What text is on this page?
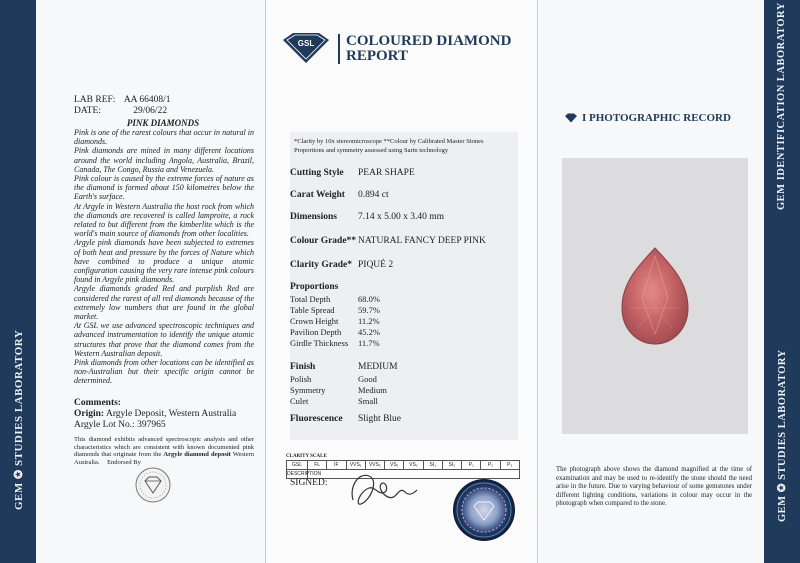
GEM ✪ STUDIES LABORATORY
LAB REF: AA 66408/1
DATE:	29/06/22
PINK DIAMONDS
Pink is one of the rarest colours that occur in natural in diamonds.
Pink diamonds are mined in many different locations around the world including Angola, Australia, Brazil, Canada, The Congo, Russia and Venezuela.
Pink colour is caused by the extreme forces of nature as the diamond is formed about 150 kilometres below the Earth's surface.
At Argyle in Western Australia the host rock from which the diamonds are recovered is called lamproite, a rock related to but different from the kimberlite which is the world's main source of diamonds from other localities.
Argyle pink diamonds have been subjected to extremes of both heat and pressure by the forces of Nature which have combined to produce a unique atomic configuration causing the very rare intense pink colours found in Argyle pink diamonds.
Argyle diamonds graded Red and purplish Red are considered the rarest of all red diamonds because of the extremely low numbers that are found in the global market.
At GSL we use advanced spectroscopic techniques and advanced instrumentation to identify the unique atomic structures that prove that the diamond comes from the Western Australian deposit.
Pink diamonds from other locations can be identified as non-Australian but their specific origin cannot be determined.
Comments:
Origin: Argyle Deposit, Western Australia
Argyle Lot No.: 397965
This diamond exhibits advanced spectroscopic analysis and other characteristics which are consistent with known documented pink diamonds that originate from the Argyle diamond deposit Western Australia. Endorsed By
GSL	COLOURED DIAMOND
REPORT
*Clarity by 10x stereomicroscope **Colour by Calibrated Master Stones
Proportions and symmetry assessed using Sarin technology
Cutting Style PEAR SHAPE
Carat Weight 0.894 ct
Dimensions 7.14 x 5.00 x 3.40 mm
Colour Grade** NATURAL FANCY DEEP PINK
Clarity Grade* PIQUÉ 2
Proportions
Total Depth	68.0%
Table Spread	59.7%
Crown Height 11.2%
Pavilion Depth 45.2%
Girdle Thickness 11.7%
Finish	MEDIUM
Polish	Good
Symmetry	Medium
Culet	Small
Fluorescence Slight Blue
CLARITY SCALE
GSL	FL	IF	VVS₁	VVS₂	VS₁	VS₂	SI₁	SI₂	P₁	P₂	P₃
DESCRIPTION
SIGNED:
I PHOTOGRAPHIC RECORD
The photograph above shows the diamond magnified at the time of examination and may be used to re-identify the stone should the need arise in the future. Due to varying behaviour of some gemstones under different lighting conditions, variations in colour may occur in the photograph when compared to the stone.
GEM IDENTIFICATION LABORATORY
GEM ✪ STUDIES LABORATORY
